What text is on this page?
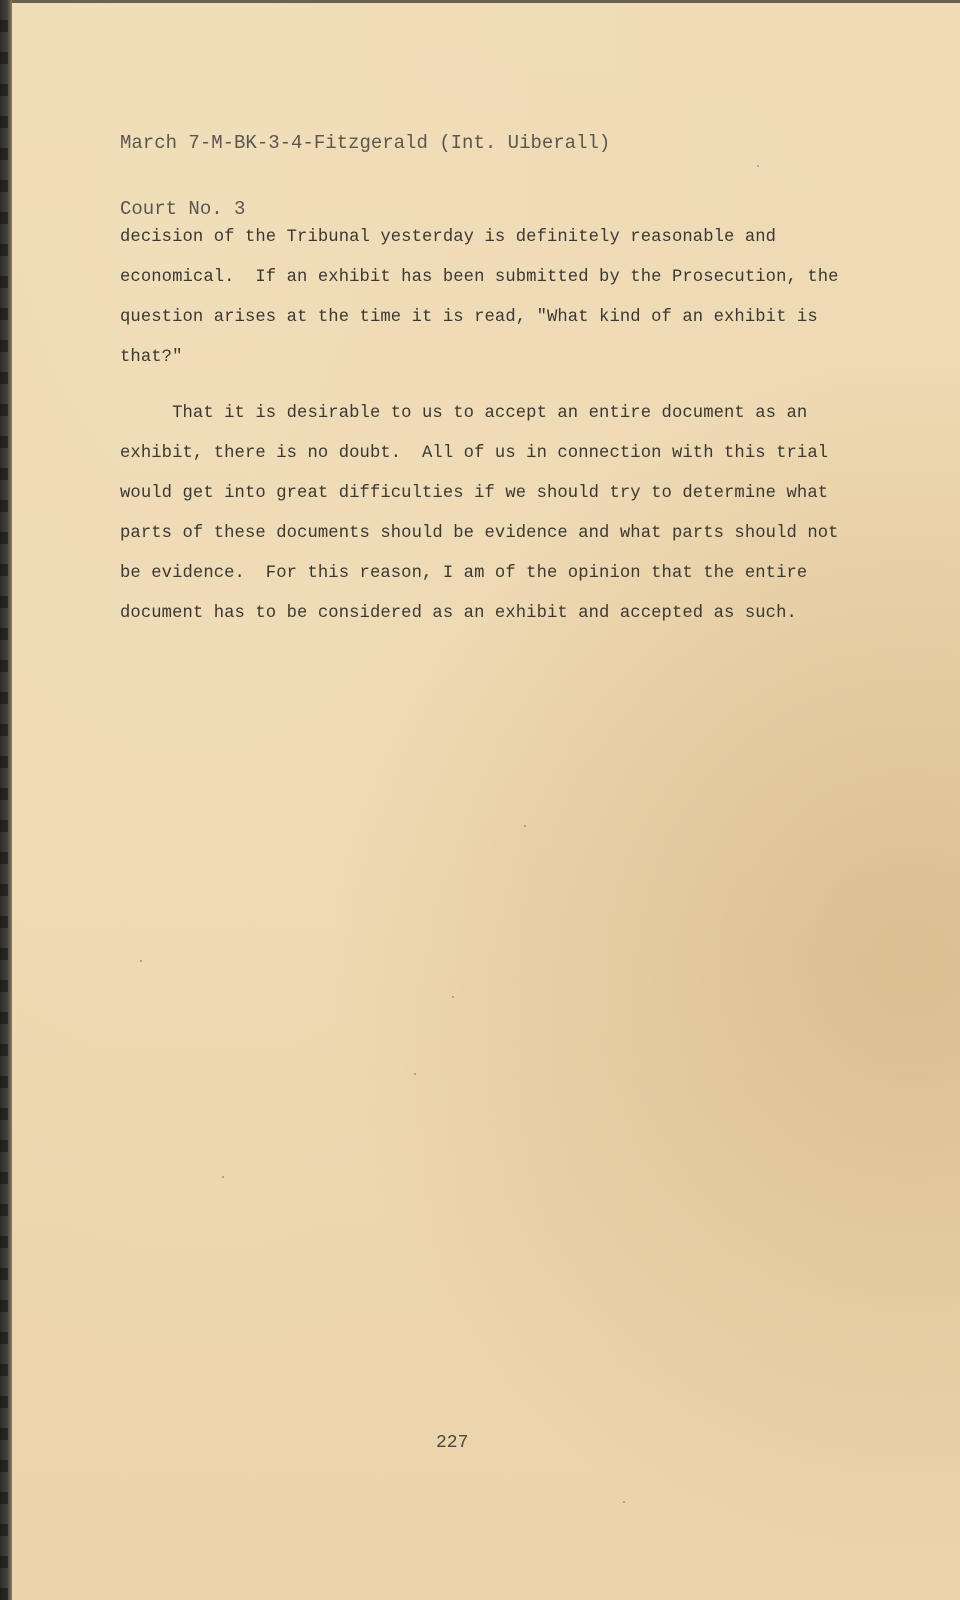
March 7-M-BK-3-4-Fitzgerald (Int. Uiberall)

Court No. 3

decision of the Tribunal yesterday is definitely reasonable and
economical.  If an exhibit has been submitted by the Prosecution, the
question arises at the time it is read, "What kind of an exhibit is
that?"
That it is desirable to us to accept an entire document as an
exhibit, there is no doubt.  All of us in connection with this trial
would get into great difficulties if we should try to determine what
parts of these documents should be evidence and what parts should not
be evidence.  For this reason, I am of the opinion that the entire
document has to be considered as an exhibit and accepted as such.
227
